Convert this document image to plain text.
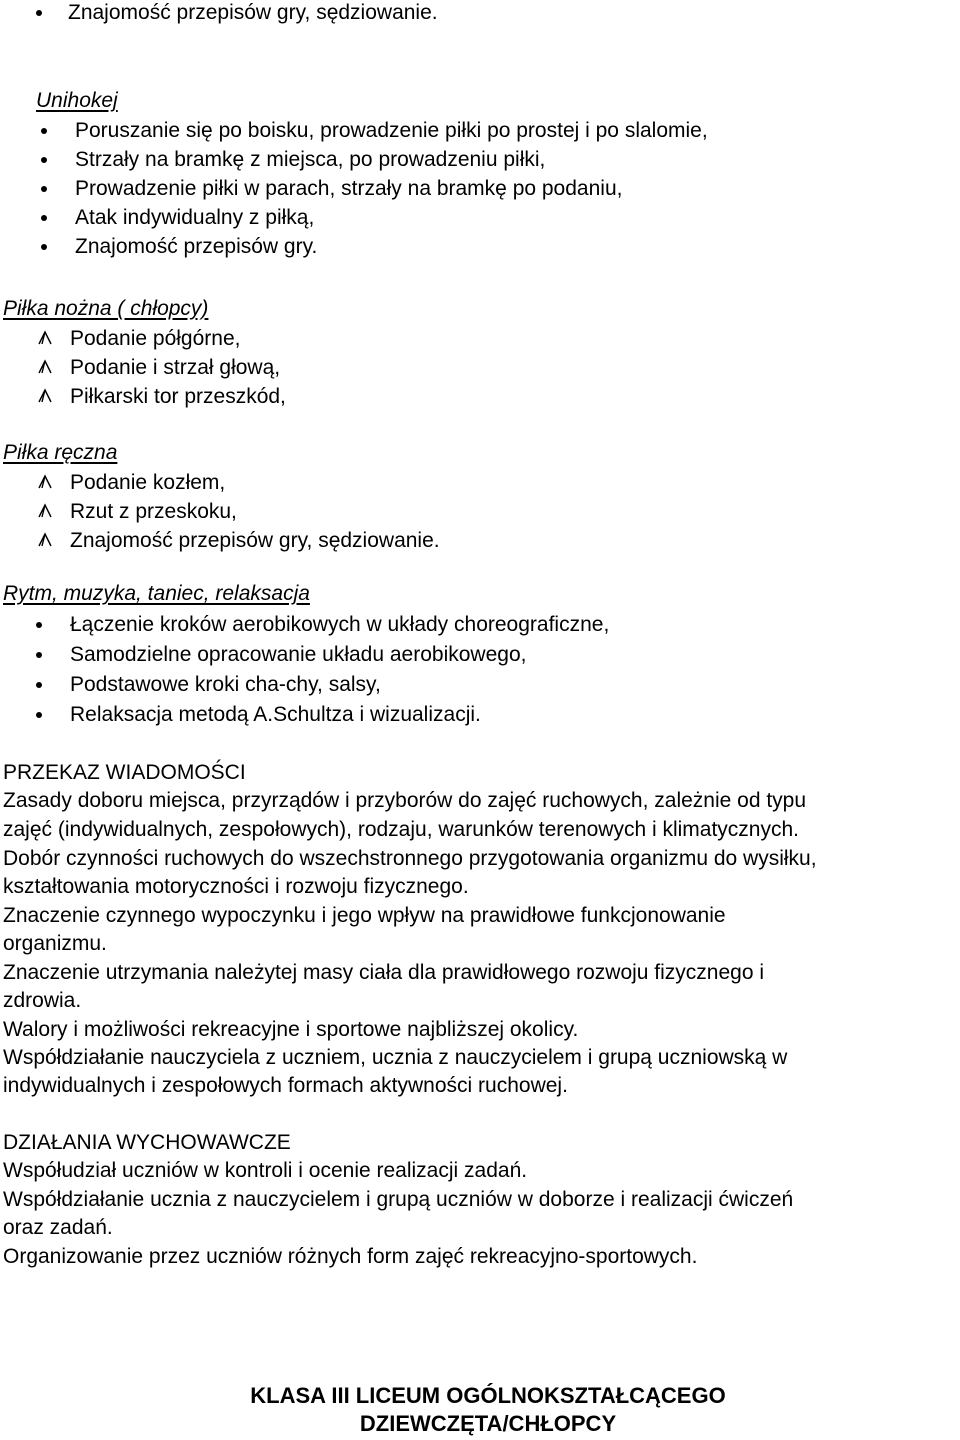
Znajomość przepisów gry, sędziowanie.
Unihokej
Poruszanie się po boisku, prowadzenie piłki po prostej i po slalomie,
Strzały na bramkę z miejsca, po prowadzeniu piłki,
Prowadzenie piłki w parach, strzały na bramkę po podaniu,
Atak indywidualny z piłką,
Znajomość przepisów gry.
Piłka nożna ( chłopcy)
Podanie półgórne,
Podanie i strzał głową,
Piłkarski tor przeszkód,
Piłka ręczna
Podanie kozłem,
Rzut z przeskoku,
Znajomość przepisów gry, sędziowanie.
Rytm, muzyka, taniec, relaksacja
Łączenie kroków aerobikowych w układy choreograficzne,
Samodzielne opracowanie układu aerobikowego,
Podstawowe kroki cha-chy, salsy,
Relaksacja metodą A.Schultza i wizualizacji.
PRZEKAZ WIADOMOŚCI
Zasady doboru miejsca, przyrządów i przyborów do zajęć ruchowych, zależnie od typu
zajęć (indywidualnych, zespołowych), rodzaju, warunków terenowych i klimatycznych.
Dobór czynności ruchowych do wszechstronnego przygotowania organizmu do wysiłku,
kształtowania motoryczności i rozwoju fizycznego.
Znaczenie czynnego wypoczynku i jego wpływ na prawidłowe funkcjonowanie
organizmu.
Znaczenie utrzymania należytej masy ciała dla prawidłowego rozwoju fizycznego i
zdrowia.
Walory i możliwości rekreacyjne i sportowe najbliższej okolicy.
Współdziałanie nauczyciela z uczniem, ucznia z nauczycielem i grupą uczniowską w
indywidualnych i zespołowych formach aktywności ruchowej.
DZIAŁANIA WYCHOWAWCZE
Współudział uczniów w kontroli i ocenie realizacji zadań.
Współdziałanie ucznia z nauczycielem i grupą uczniów w doborze i realizacji ćwiczeń
oraz zadań.
Organizowanie przez uczniów różnych form zajęć rekreacyjno-sportowych.
KLASA III LICEUM OGÓLNOKSZTAŁCĄCEGO
DZIEWCZĘTA/CHŁOPCY
